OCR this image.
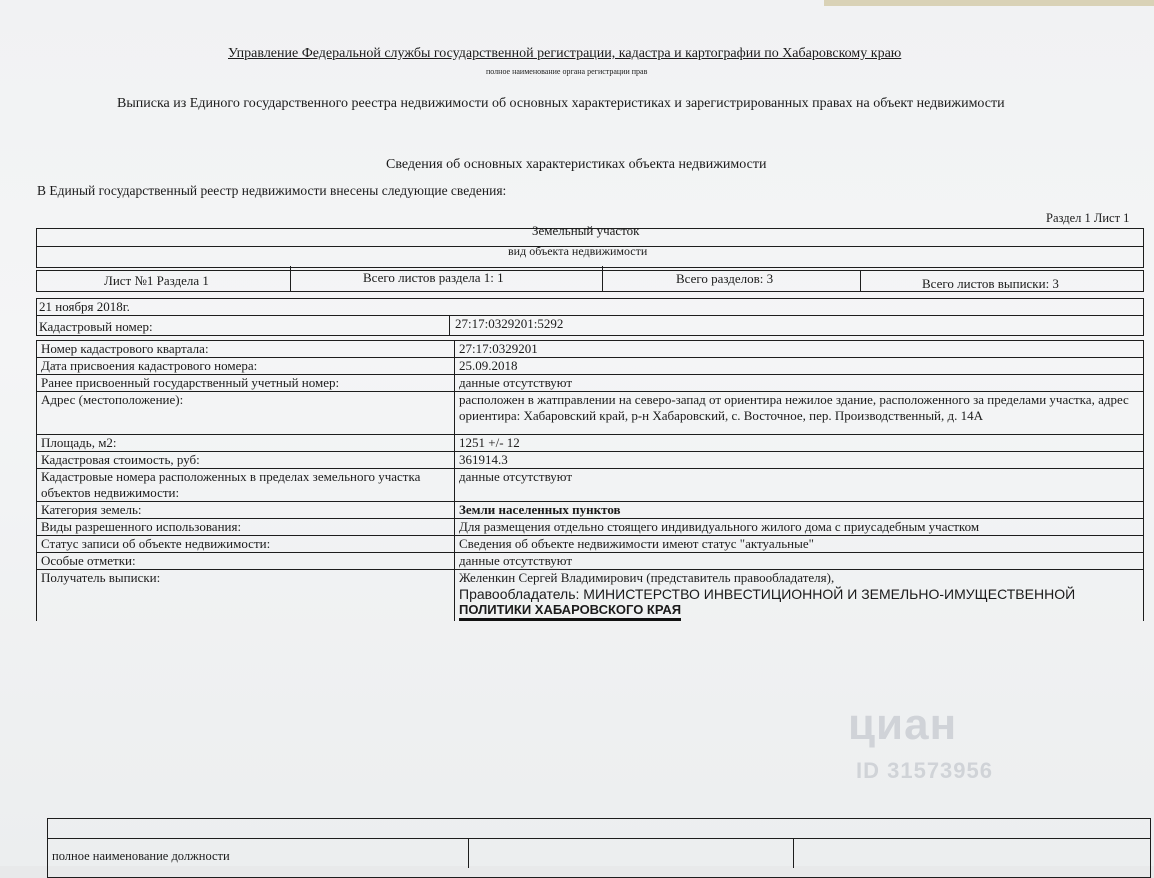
Управление Федеральной службы государственной регистрации, кадастра и картографии по Хабаровскому краю
полное наименование органа регистрации прав
Выписка из Единого государственного реестра недвижимости об основных характеристиках и зарегистрированных правах на объект недвижимости
Сведения об основных характеристиках объекта недвижимости
В Единый государственный реестр недвижимости внесены следующие сведения:
Раздел 1 Лист 1
Земельный участок
вид объекта недвижимости
Лист №1 Раздела 1	Всего листов раздела 1: 1	Всего разделов: 3	Всего листов выписки: 3
21 ноября 2018г.
Кадастровый номер:	27:17:0329201:5292
Номер кадастрового квартала:	27:17:0329201
Дата присвоения кадастрового номера:	25.09.2018
Ранее присвоенный государственный учетный номер:	данные отсутствуют
Адрес (местоположение):	расположен в жатправлении на северо-запад от ориентира нежилое здание, расположенного за пределами участка, адрес ориентира: Хабаровский край, р-н Хабаровский, с. Восточное, пер. Производственный, д. 14А
Площадь, м2:	1251 +/- 12
Кадастровая стоимость, руб:	361914.3
Кадастровые номера расположенных в пределах земельного участка объектов недвижимости:	данные отсутствуют
Категория земель:	Земли населенных пунктов
Виды разрешенного использования:	Для размещения отдельно стоящего индивидуального жилого дома с приусадебным участком
Статус записи об объекте недвижимости:	Сведения об объекте недвижимости имеют статус "актуальные"
Особые отметки:	данные отсутствуют
Получатель выписки:	Желенкин Сергей Владимирович (представитель правообладателя),
Правообладатель: МИНИСТЕРСТВО ИНВЕСТИЦИОННОЙ И ЗЕМЕЛЬНО-ИМУЩЕСТВЕННОЙ
ПОЛИТИКИ ХАБАРОВСКОГО КРАЯ
циан
ID 31573956
полное наименование должности
